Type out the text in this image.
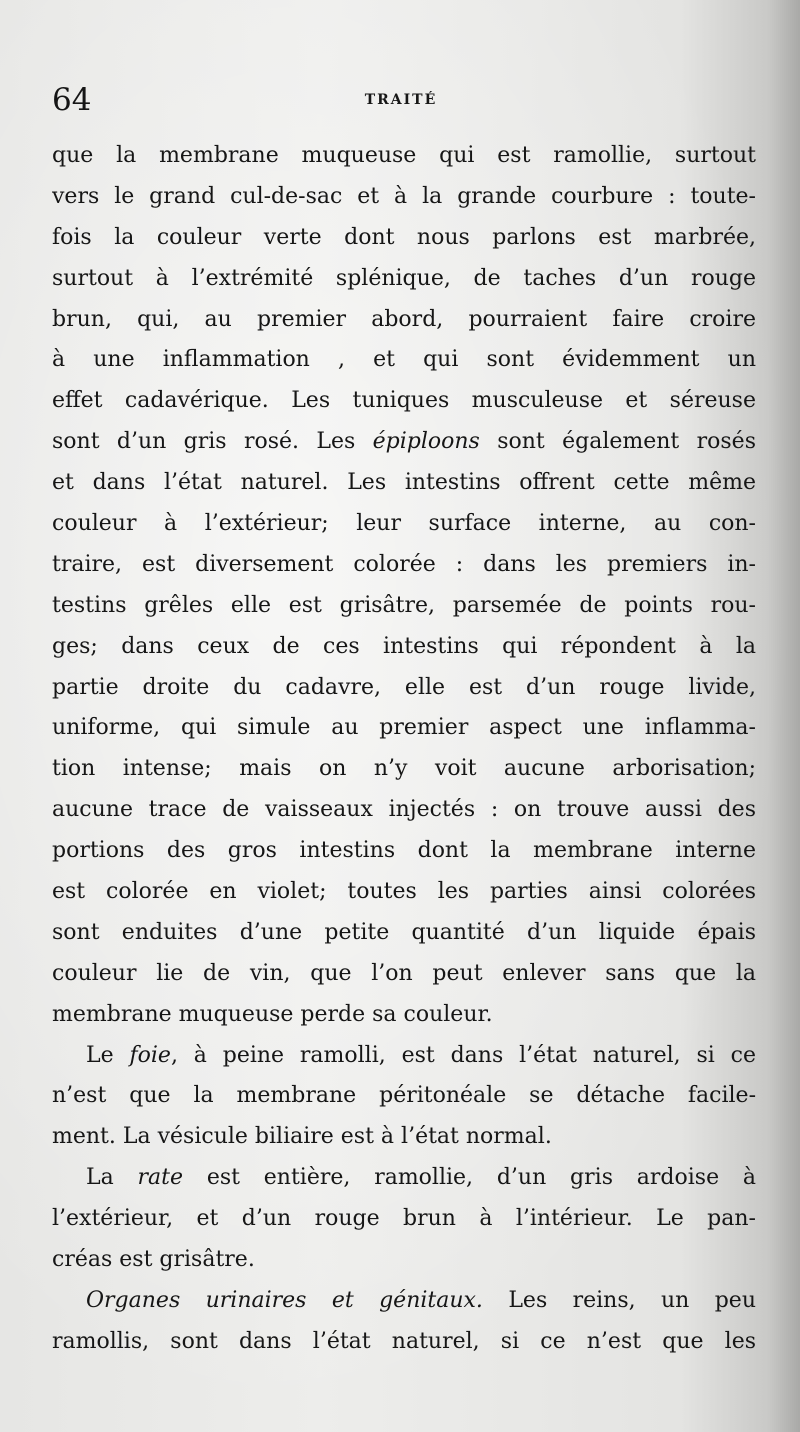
64	TRAITÉ
que la membrane muqueuse qui est ramollie, surtout
vers le grand cul-de-sac et à la grande courbure : toute-
fois la couleur verte dont nous parlons est marbrée,
surtout à l’extrémité splénique, de taches d’un rouge
brun, qui, au premier abord, pourraient faire croire
à une inflammation , et qui sont évidemment un
effet cadavérique. Les tuniques musculeuse et séreuse
sont d’un gris rosé. Les épiploons sont également rosés
et dans l’état naturel. Les intestins offrent cette même
couleur à l’extérieur; leur surface interne, au con-
traire, est diversement colorée : dans les premiers in-
testins grêles elle est grisâtre, parsemée de points rou-
ges; dans ceux de ces intestins qui répondent à la
partie droite du cadavre, elle est d’un rouge livide,
uniforme, qui simule au premier aspect une inflamma-
tion intense; mais on n’y voit aucune arborisation;
aucune trace de vaisseaux injectés : on trouve aussi des
portions des gros intestins dont la membrane interne
est colorée en violet; toutes les parties ainsi colorées
sont enduites d’une petite quantité d’un liquide épais
couleur lie de vin, que l’on peut enlever sans que la
membrane muqueuse perde sa couleur.
Le foie, à peine ramolli, est dans l’état naturel, si ce
n’est que la membrane péritonéale se détache facile-
ment. La vésicule biliaire est à l’état normal.
La rate est entière, ramollie, d’un gris ardoise à
l’extérieur, et d’un rouge brun à l’intérieur. Le pan-
créas est grisâtre.
Organes urinaires et génitaux. Les reins, un peu
ramollis, sont dans l’état naturel, si ce n’est que les
